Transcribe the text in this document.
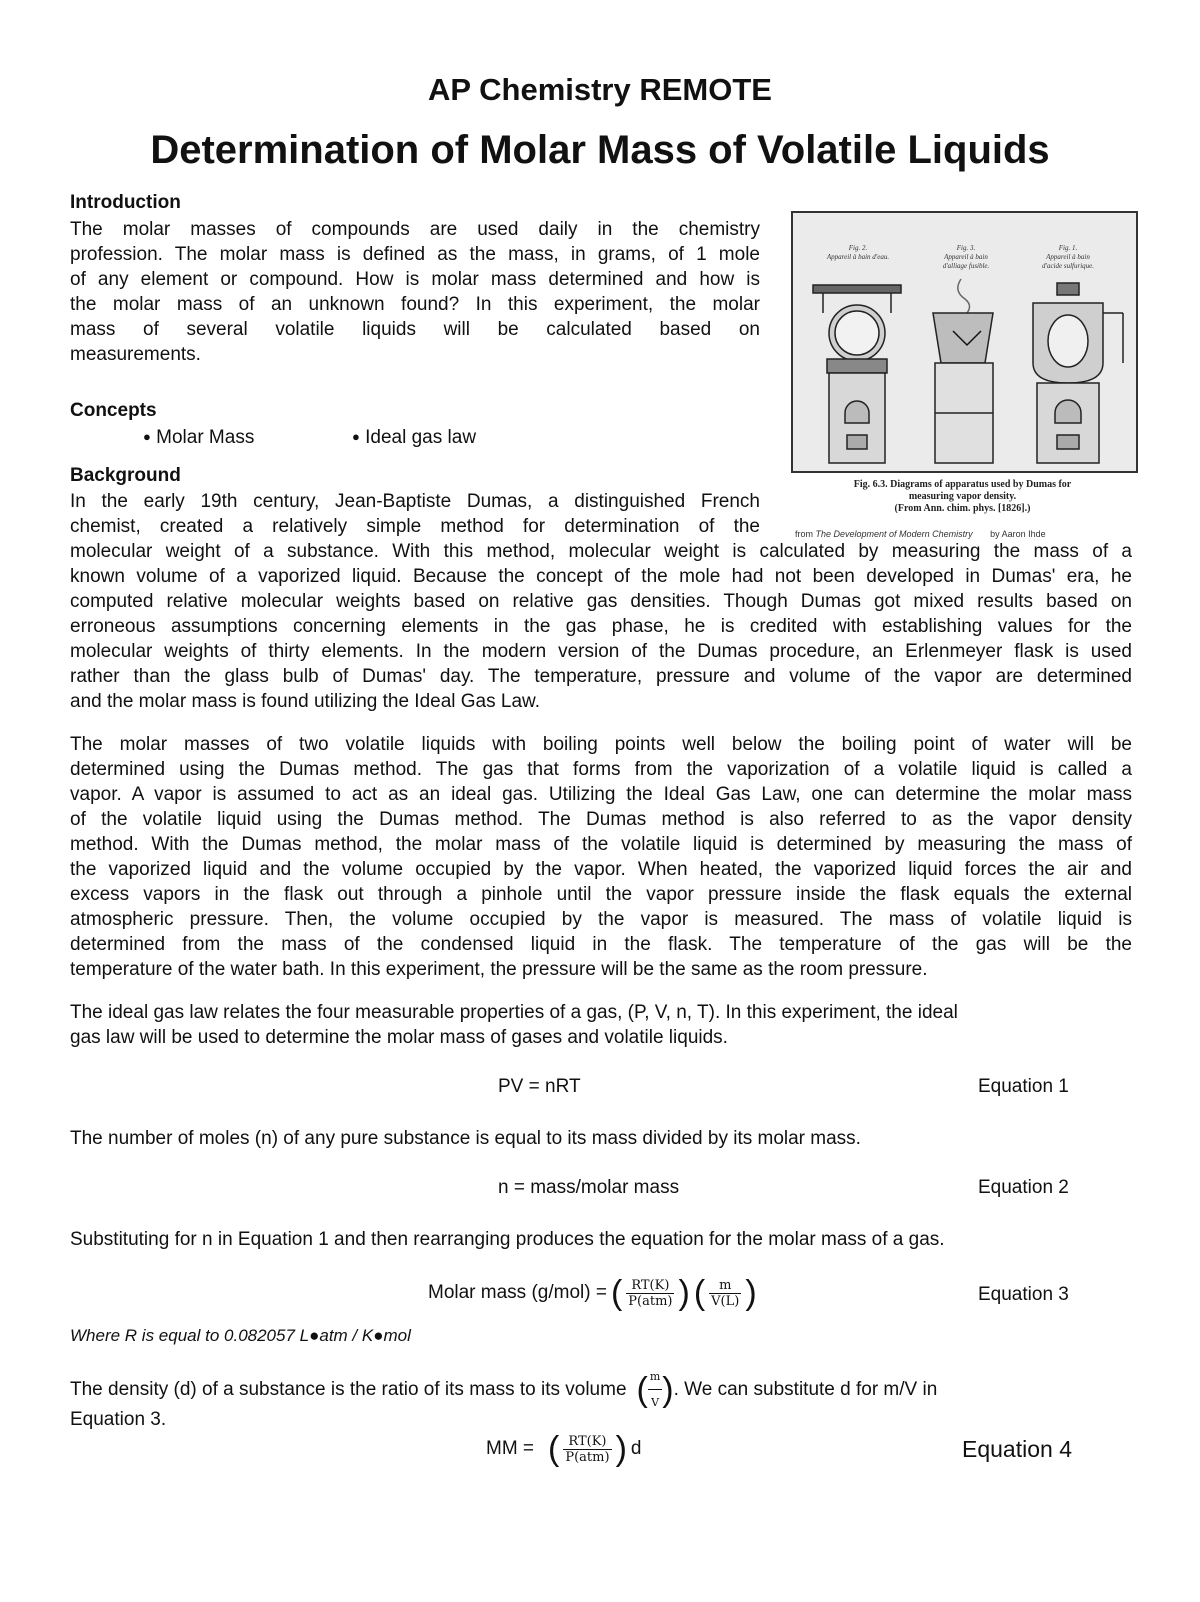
AP Chemistry REMOTE
Determination of Molar Mass of Volatile Liquids
Introduction
The molar masses of compounds are used daily in the chemistry
profession. The molar mass is defined as the mass, in grams, of 1 mole
of any element or compound. How is molar mass determined and how is
the molar mass of an unknown found? In this experiment, the molar
mass of several volatile liquids will be calculated based on
measurements.
Concepts
● Molar Mass	● Ideal gas law
Fig. 2.
Appareil à bain d'eau.
Fig. 3.
Appareil à bain
d'alliage fusible.
Fig. 1.
Appareil à bain
d'acide sulfurique.
Fig. 6.3. Diagrams of apparatus used by Dumas for
measuring vapor density.
(From Ann. chim. phys. [1826].)
from The Development of Modern Chemistry by Aaron Ihde
Background
In the early 19th century, Jean-Baptiste Dumas, a distinguished French
chemist, created a relatively simple method for determination of the
molecular weight of a substance. With this method, molecular weight is calculated by measuring the mass of a
known volume of a vaporized liquid. Because the concept of the mole had not been developed in Dumas' era, he
computed relative molecular weights based on relative gas densities. Though Dumas got mixed results based on
erroneous assumptions concerning elements in the gas phase, he is credited with establishing values for the
molecular weights of thirty elements. In the modern version of the Dumas procedure, an Erlenmeyer flask is used
rather than the glass bulb of Dumas' day. The temperature, pressure and volume of the vapor are determined
and the molar mass is found utilizing the Ideal Gas Law.
The molar masses of two volatile liquids with boiling points well below the boiling point of water will be
determined using the Dumas method. The gas that forms from the vaporization of a volatile liquid is called a
vapor. A vapor is assumed to act as an ideal gas. Utilizing the Ideal Gas Law, one can determine the molar mass
of the volatile liquid using the Dumas method. The Dumas method is also referred to as the vapor density
method. With the Dumas method, the molar mass of the volatile liquid is determined by measuring the mass of
the vaporized liquid and the volume occupied by the vapor. When heated, the vaporized liquid forces the air and
excess vapors in the flask out through a pinhole until the vapor pressure inside the flask equals the external
atmospheric pressure. Then, the volume occupied by the vapor is measured. The mass of volatile liquid is
determined from the mass of the condensed liquid in the flask. The temperature of the gas will be the
temperature of the water bath. In this experiment, the pressure will be the same as the room pressure.
The ideal gas law relates the four measurable properties of a gas, (P, V, n, T). In this experiment, the ideal
gas law will be used to determine the molar mass of gases and volatile liquids.
PV = nRT	Equation 1
The number of moles (n) of any pure substance is equal to its mass divided by its molar mass.
n = mass/molar mass	Equation 2
Substituting for n in Equation 1 and then rearranging produces the equation for the molar mass of a gas.
Molar mass (g/mol) = ( $\frac{RT(K)}{\text{P(atm)}}$ ) ( $\frac{m}{V(L)}$ )	Equation 3
Where R is equal to 0.082057 L●atm / K●mol
The density (d) of a substance is the ratio of its mass to its volume ( $\frac{m}{V}$ ) . We can substitute d for m/V in
Equation 3.
MM = ( $\frac{RT(K)}{\text{P(atm)}}$ ) d	Equation 4
